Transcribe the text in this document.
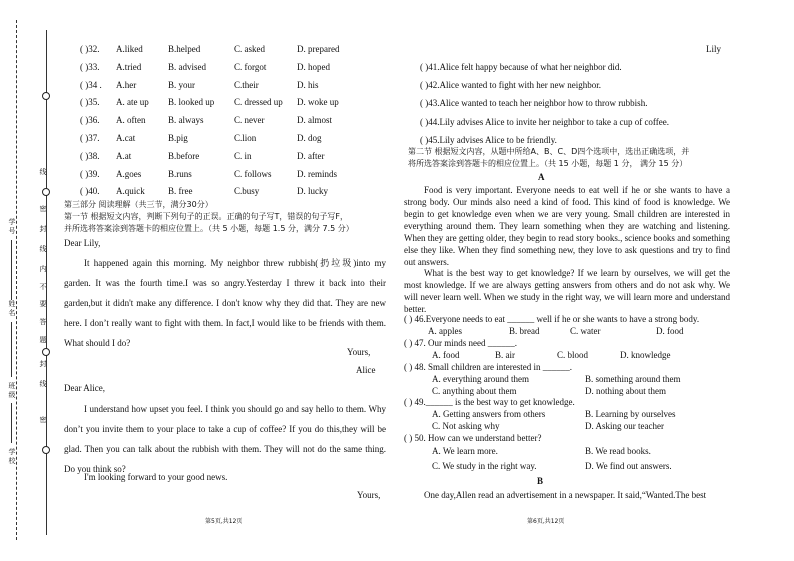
学号
姓名
班级
学校
线
密
封
线
内
不
要
答
题
封
线
密
( )32. A.liked	B.helped	C. asked	D. prepared
( )33. A.tried	B. advised	C. forgot	D. hoped
( )34 . A.her	B. your	C.their	D. his
( )35. A. ate up B. looked up C. dressed up D. woke up
( )36. A. often	B. always	C. never	D. almost
( )37. A.cat	B.pig	C.lion	D. dog
( )38. A.at	B.before	C. in	D. after
( )39. A.goes	B.runs	C. follows	D. reminds
( )40. A.quick	B. free	C.busy	D. lucky
第三部分 阅读理解（共三节，满分30分）
第一节 根据短文内容，判断下列句子的正误。正确的句子写T，错误的句子写F，
并所选将答案涂到答题卡的相应位置上。（共 5 小题，每题 1.5 分，满分 7.5 分）
Dear Lily,
It happened again this morning. My neighbor threw rubbish(扔垃圾)into my garden. It was the fourth time.I was so angry.Yesterday I threw it back into their garden,but it didn't make any difference. I don't know why they did that. They are new here. I don’t really want to fight with them. In fact,I would like to be friends with them. What should I do?
Yours,
Alice
Dear Alice,
I understand how upset you feel. I think you should go and say hello to them. Why don’t you invite them to your place to take a cup of coffee? If you do this,they will be glad. Then you can talk about the rubbish with them. They will not do the same thing. Do you think so?
I'm looking forward to your good news.
Yours,
第5页,共12页
Lily
( )41.Alice felt happy because of what her neighbor did.
( )42.Alice wanted to fight with her new neighbor.
( )43.Alice wanted to teach her neighbor how to throw rubbish.
( )44.Lily advises Alice to invite her neighbor to take a cup of coffee.
( )45.Lily advises Alice to be friendly.
第二节 根据短文内容，从题中所给A、B、C、D四个选项中，选出正确选项，并
将所选答案涂到答题卡的相应位置上。（共 15 小题，每题 1 分， 满分 15 分）
A
Food is very important. Everyone needs to eat well if he or she wants to have a strong body. Our minds also need a kind of food. This kind of food is knowledge. We begin to get knowledge even when we are very young. Small children are interested in everything around them. They learn something when they are watching and listening. When they are getting older, they begin to read story books., science books and something else they like. When they find something new, they love to ask questions and try to find out answers.
What is the best way to get knowledge? If we learn by ourselves, we will get the most knowledge. If we are always getting answers from others and do not ask why. We will never learn well. When we study in the right way, we will learn more and understand better.
( ) 46.Everyone needs to eat ______ well if he or she wants to have a strong body.
A. apples	B. bread	C. water	D. food
( ) 47. Our minds need ______.
A. food	B. air	C. blood	D. knowledge
( ) 48. Small children are interested in ______.
A. everything around them	B. something around them
C. anything about them	D. nothing about them
( ) 49.______ is the best way to get knowledge.
A. Getting answers from others	B. Learning by ourselves
C. Not asking why	D. Asking our teacher
( ) 50. How can we understand better?
A. We learn more.	B. We read books.
C. We study in the right way.	D. We find out answers.
B
One day,Allen read an advertisement in a newspaper. It said,“Wanted.The best
第6页,共12页
